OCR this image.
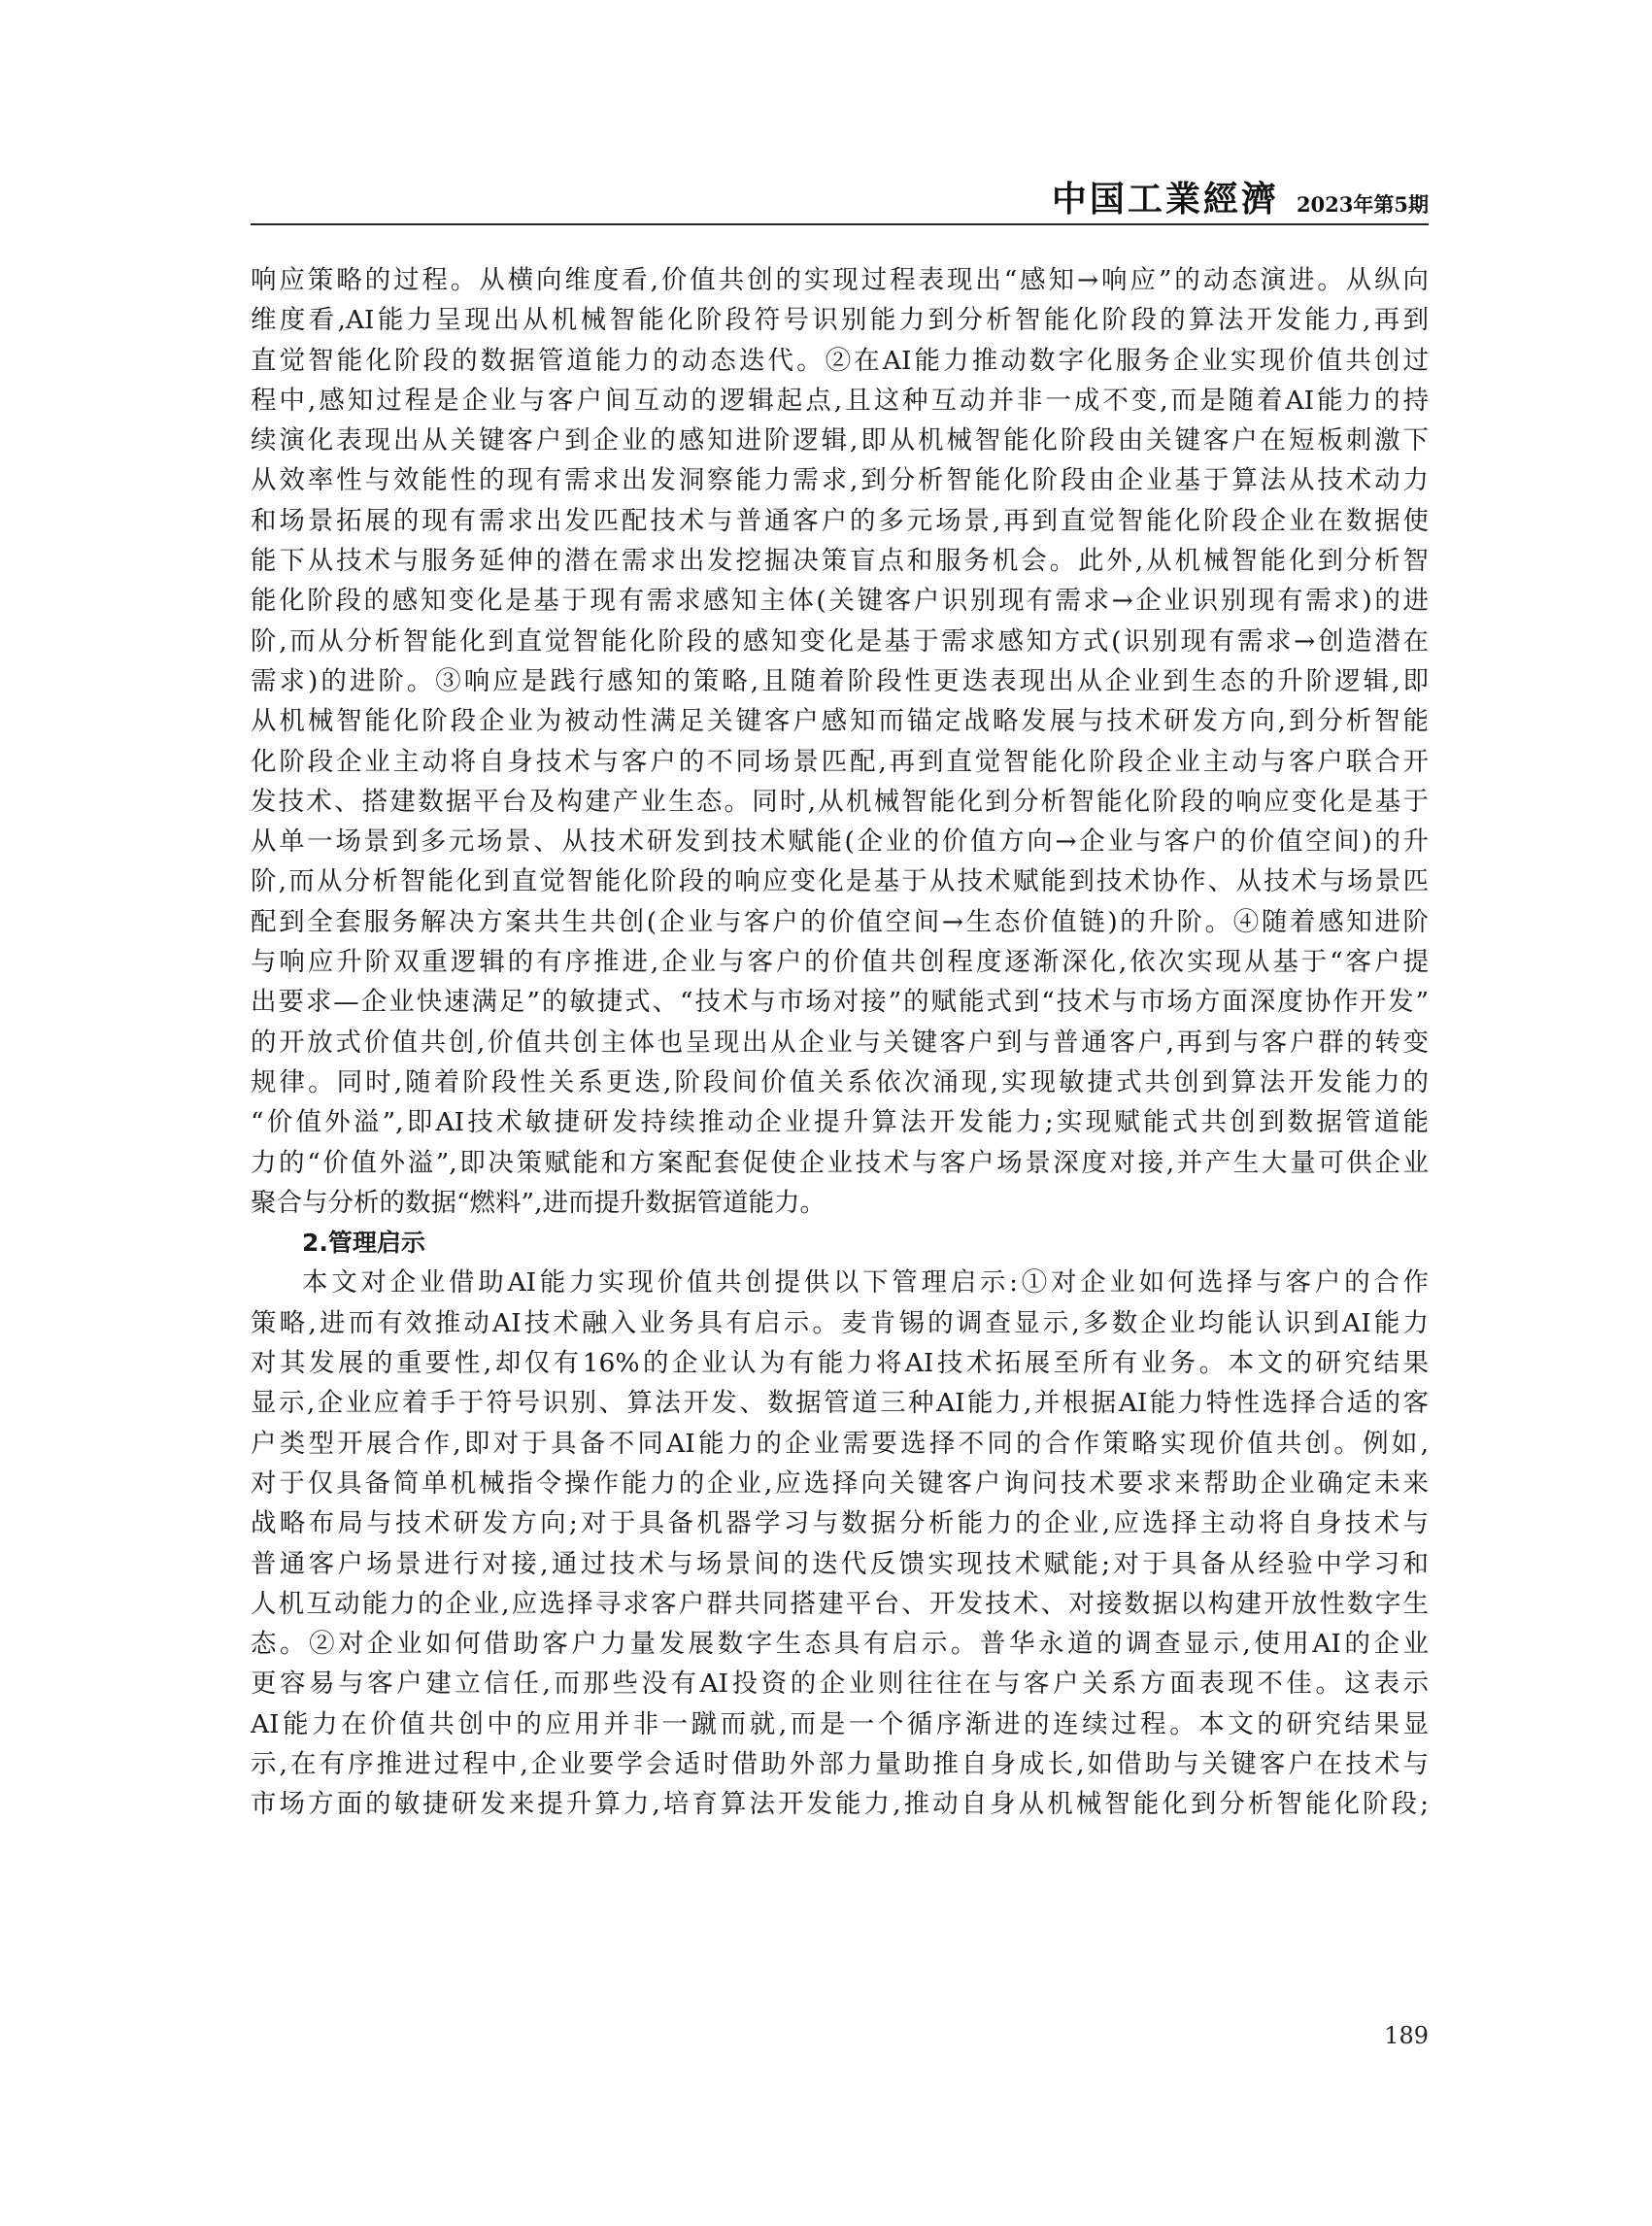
中国工業經濟 2023年第5期
响应策略的过程。从横向维度看,价值共创的实现过程表现出“感知→响应”的动态演进。从纵向
维度看,AI能力呈现出从机械智能化阶段符号识别能力到分析智能化阶段的算法开发能力,再到
直觉智能化阶段的数据管道能力的动态迭代。②在AI能力推动数字化服务企业实现价值共创过
程中,感知过程是企业与客户间互动的逻辑起点,且这种互动并非一成不变,而是随着AI能力的持
续演化表现出从关键客户到企业的感知进阶逻辑,即从机械智能化阶段由关键客户在短板刺激下
从效率性与效能性的现有需求出发洞察能力需求,到分析智能化阶段由企业基于算法从技术动力
和场景拓展的现有需求出发匹配技术与普通客户的多元场景,再到直觉智能化阶段企业在数据使
能下从技术与服务延伸的潜在需求出发挖掘决策盲点和服务机会。此外,从机械智能化到分析智
能化阶段的感知变化是基于现有需求感知主体(关键客户识别现有需求→企业识别现有需求)的进
阶,而从分析智能化到直觉智能化阶段的感知变化是基于需求感知方式(识别现有需求→创造潜在
需求)的进阶。③响应是践行感知的策略,且随着阶段性更迭表现出从企业到生态的升阶逻辑,即
从机械智能化阶段企业为被动性满足关键客户感知而锚定战略发展与技术研发方向,到分析智能
化阶段企业主动将自身技术与客户的不同场景匹配,再到直觉智能化阶段企业主动与客户联合开
发技术、搭建数据平台及构建产业生态。同时,从机械智能化到分析智能化阶段的响应变化是基于
从单一场景到多元场景、从技术研发到技术赋能(企业的价值方向→企业与客户的价值空间)的升
阶,而从分析智能化到直觉智能化阶段的响应变化是基于从技术赋能到技术协作、从技术与场景匹
配到全套服务解决方案共生共创(企业与客户的价值空间→生态价值链)的升阶。④随着感知进阶
与响应升阶双重逻辑的有序推进,企业与客户的价值共创程度逐渐深化,依次实现从基于“客户提
出要求—企业快速满足”的敏捷式、“技术与市场对接”的赋能式到“技术与市场方面深度协作开发”
的开放式价值共创,价值共创主体也呈现出从企业与关键客户到与普通客户,再到与客户群的转变
规律。同时,随着阶段性关系更迭,阶段间价值关系依次涌现,实现敏捷式共创到算法开发能力的
“价值外溢”,即AI技术敏捷研发持续推动企业提升算法开发能力;实现赋能式共创到数据管道能
力的“价值外溢”,即决策赋能和方案配套促使企业技术与客户场景深度对接,并产生大量可供企业
聚合与分析的数据“燃料”,进而提升数据管道能力。
2.管理启示
本文对企业借助AI能力实现价值共创提供以下管理启示:①对企业如何选择与客户的合作
策略,进而有效推动AI技术融入业务具有启示。麦肯锡的调查显示,多数企业均能认识到AI能力
对其发展的重要性,却仅有16%的企业认为有能力将AI技术拓展至所有业务。本文的研究结果
显示,企业应着手于符号识别、算法开发、数据管道三种AI能力,并根据AI能力特性选择合适的客
户类型开展合作,即对于具备不同AI能力的企业需要选择不同的合作策略实现价值共创。例如,
对于仅具备简单机械指令操作能力的企业,应选择向关键客户询问技术要求来帮助企业确定未来
战略布局与技术研发方向;对于具备机器学习与数据分析能力的企业,应选择主动将自身技术与
普通客户场景进行对接,通过技术与场景间的迭代反馈实现技术赋能;对于具备从经验中学习和
人机互动能力的企业,应选择寻求客户群共同搭建平台、开发技术、对接数据以构建开放性数字生
态。②对企业如何借助客户力量发展数字生态具有启示。普华永道的调查显示,使用AI的企业
更容易与客户建立信任,而那些没有AI投资的企业则往往在与客户关系方面表现不佳。这表示
AI能力在价值共创中的应用并非一蹴而就,而是一个循序渐进的连续过程。本文的研究结果显
示,在有序推进过程中,企业要学会适时借助外部力量助推自身成长,如借助与关键客户在技术与
市场方面的敏捷研发来提升算力,培育算法开发能力,推动自身从机械智能化到分析智能化阶段;
189
